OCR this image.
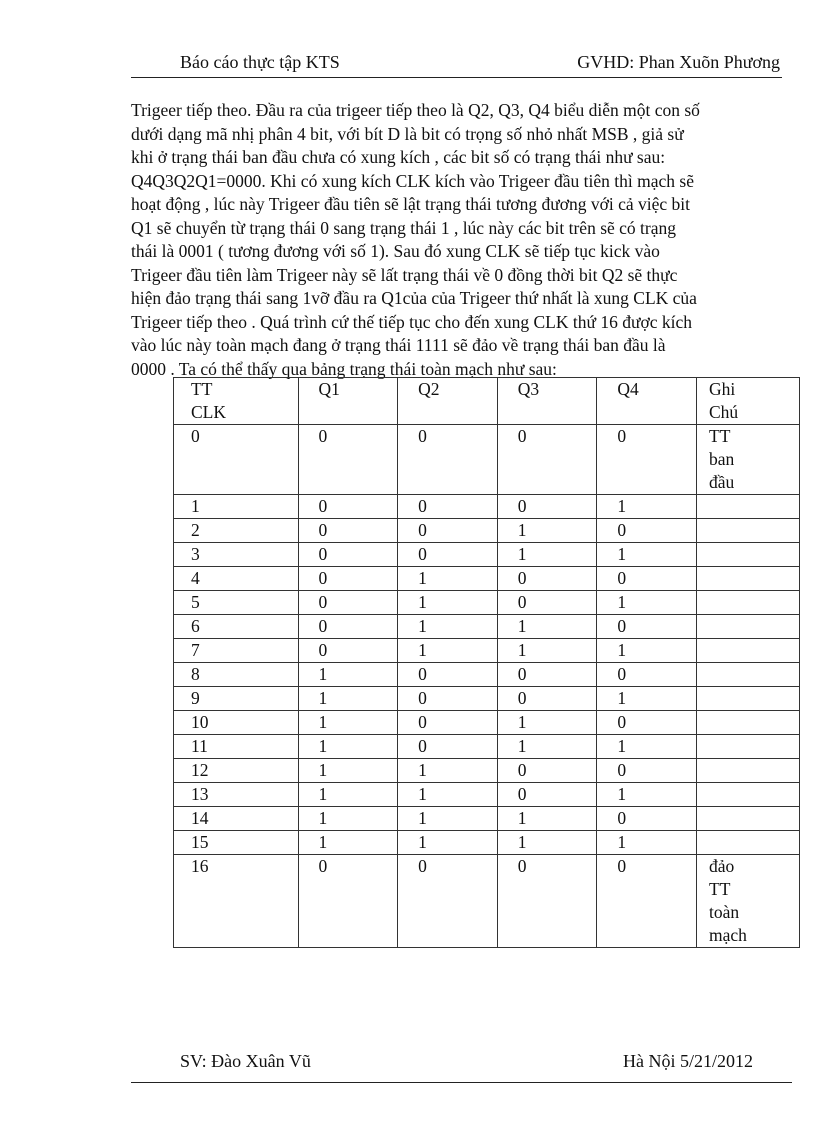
Báo cáo thực tập KTS	GVHD: Phan Xuõn Phương

Trigeer tiếp theo. Đầu ra của trigeer tiếp theo là Q2, Q3, Q4 biểu diễn một con số
dưới dạng mã nhị phân 4 bit, với bít D là bit có trọng số nhỏ nhất MSB , giả sử
khi ở trạng thái ban đầu chưa có xung kích , các bit số có trạng thái như sau:
Q4Q3Q2Q1=0000. Khi có xung kích CLK kích vào Trigeer đầu tiên thì mạch sẽ
hoạt động , lúc này Trigeer đầu tiên sẽ lật trạng thái tương đương với cả việc bit
Q1 sẽ chuyển từ trạng thái 0 sang trạng thái 1 , lúc này các bit trên sẽ có trạng
thái là 0001 ( tương đương với số 1). Sau đó xung CLK sẽ tiếp tục kick vào
Trigeer đầu tiên làm Trigeer này sẽ lất trạng thái về 0 đồng thời bit Q2 sẽ thực
hiện đảo trạng thái sang 1vỡ đầu ra Q1của của Trigeer thứ nhất là xung CLK của
Trigeer tiếp theo . Quá trình cứ thế tiếp tục cho đến xung CLK thứ 16 được kích
vào lúc này toàn mạch đang ở trạng thái 1111 sẽ đảo về trạng thái ban đầu là
0000 . Ta có thể thấy qua bảng trạng thái toàn mạch như sau:

TT
CLK	Q1	Q2	Q3	Q4	Ghi
Chú
0	0	0	0	0	TT
ban
đầu

1	0	0	0	1	
2	0	0	1	0	
3	0	0	1	1	
4	0	1	0	0	
5	0	1	0	1	
6	0	1	1	0	
7	0	1	1	1	
8	1	0	0	0	
9	1	0	0	1	
10	1	0	1	0	
11	1	0	1	1	
12	1	1	0	0	
13	1	1	0	1	
14	1	1	1	0	
15	1	1	1	1	
16	0	0	0	0	đảo
TT
toàn
mạch
SV: Đào Xuân Vũ	Hà Nội 5/21/2012
